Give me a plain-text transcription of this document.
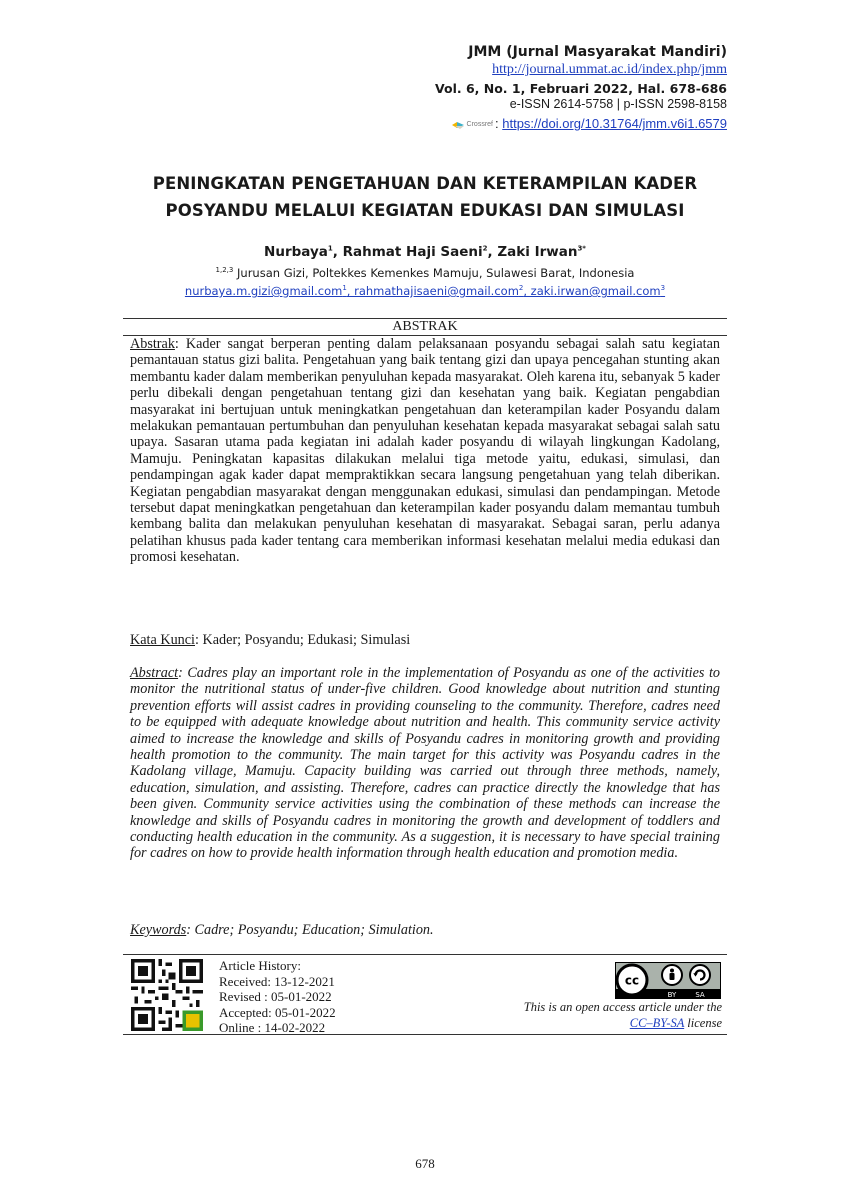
JMM (Jurnal Masyarakat Mandiri)
http://journal.ummat.ac.id/index.php/jmm
Vol. 6, No. 1, Februari 2022, Hal. 678-686
e-ISSN 2614-5758 | p-ISSN 2598-8158
Crossref : https://doi.org/10.31764/jmm.v6i1.6579
PENINGKATAN PENGETAHUAN DAN KETERAMPILAN KADER
POSYANDU MELALUI KEGIATAN EDUKASI DAN SIMULASI
Nurbaya$^1$, Rahmat Haji Saeni$^2$, Zaki Irwan$^{3*}$
$^{1,2,3}$ Jurusan Gizi, Poltekkes Kemenkes Mamuju, Sulawesi Barat, Indonesia
nurbaya.m.gizi@gmail.com$^1$, rahmathajisaeni@gmail.com$^2$, zaki.irwan@gmail.com$^3$
ABSTRAK
Abstrak: Kader sangat berperan penting dalam pelaksanaan posyandu sebagai salah satu kegiatan pemantauan status gizi balita. Pengetahuan yang baik tentang gizi dan upaya pencegahan stunting akan membantu kader dalam memberikan penyuluhan kepada masyarakat. Oleh karena itu, sebanyak 5 kader perlu dibekali dengan pengetahuan tentang gizi dan kesehatan yang baik. Kegiatan pengabdian masyarakat ini bertujuan untuk meningkatkan pengetahuan dan keterampilan kader Posyandu dalam melakukan pemantauan pertumbuhan dan penyuluhan kesehatan kepada masyarakat sebagai salah satu upaya. Sasaran utama pada kegiatan ini adalah kader posyandu di wilayah lingkungan Kadolang, Mamuju. Peningkatan kapasitas dilakukan melalui tiga metode yaitu, edukasi, simulasi, dan pendampingan agak kader dapat mempraktikkan secara langsung pengetahuan yang telah diberikan. Kegiatan pengabdian masyarakat dengan menggunakan edukasi, simulasi dan pendampingan. Metode tersebut dapat meningkatkan pengetahuan dan keterampilan kader posyandu dalam memantau tumbuh kembang balita dan melakukan penyuluhan kesehatan di masyarakat. Sebagai saran, perlu adanya pelatihan khusus pada kader tentang cara memberikan informasi kesehatan melalui media edukasi dan promosi kesehatan.
Kata Kunci: Kader; Posyandu; Edukasi; Simulasi
Abstract: Cadres play an important role in the implementation of Posyandu as one of the activities to monitor the nutritional status of under-five children. Good knowledge about nutrition and stunting prevention efforts will assist cadres in providing counseling to the community. Therefore, cadres need to be equipped with adequate knowledge about nutrition and health. This community service activity aimed to increase the knowledge and skills of Posyandu cadres in monitoring growth and providing health promotion to the community. The main target for this activity was Posyandu cadres in the Kadolang village, Mamuju. Capacity building was carried out through three methods, namely, education, simulation, and assisting. Therefore, cadres can practice directly the knowledge that has been given. Community service activities using the combination of these methods can increase the knowledge and skills of Posyandu cadres in monitoring the growth and development of toddlers and conducting health education in the community. As a suggestion, it is necessary to have special training for cadres on how to provide health information through health education and promotion media.
Keywords: Cadre; Posyandu; Education; Simulation.
Article History:
Received: 13-12-2021
Revised : 05-01-2022
Accepted: 05-01-2022
Online : 14-02-2022
cc
BY	SA
This is an open access article under the
CC–BY-SA license
678
